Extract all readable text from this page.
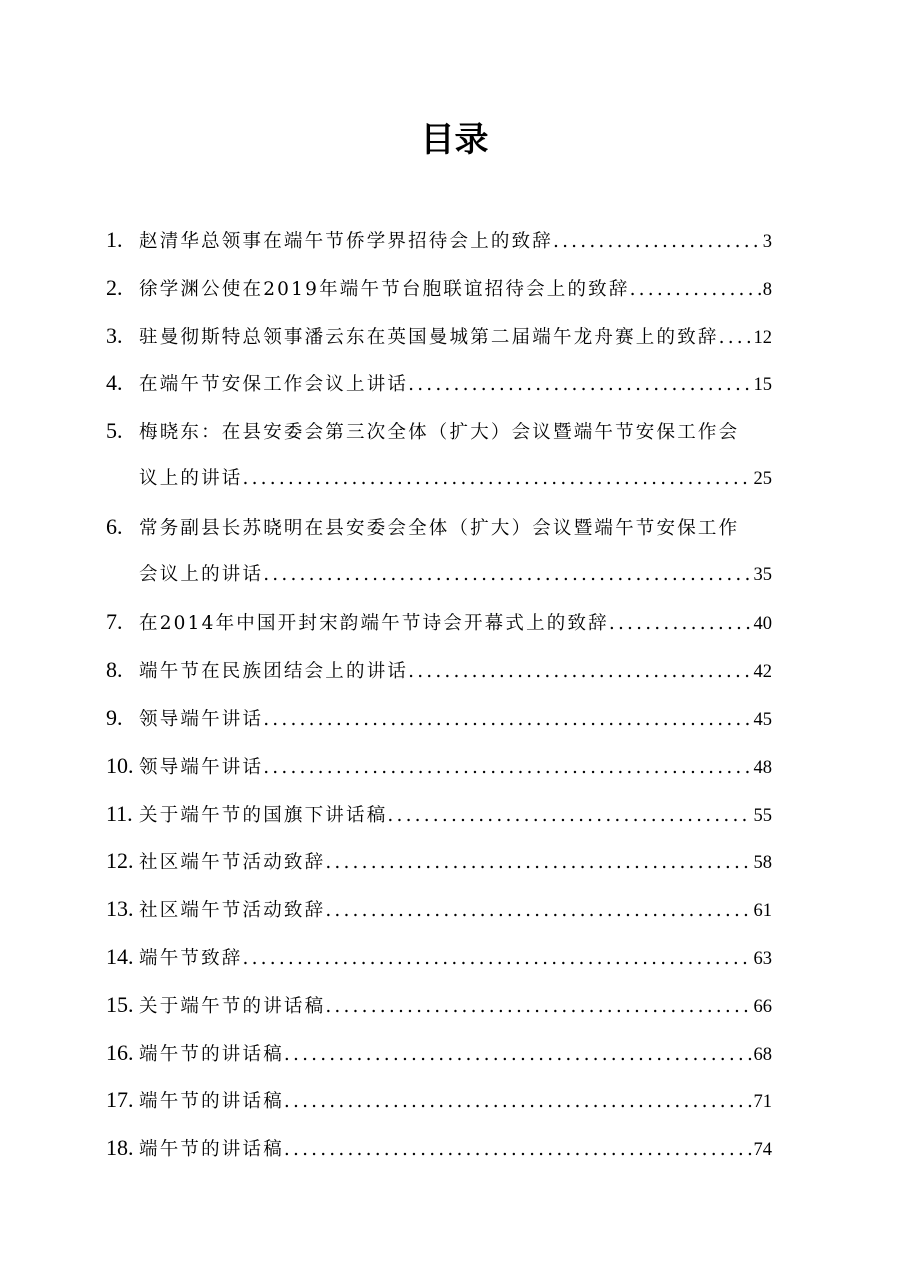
目录
1. 赵清华总领事在端午节侨学界招待会上的致辞 .....	3
2. 徐学渊公使在2019年端午节台胞联谊招待会上的致辞 .....	8
3. 驻曼彻斯特总领事潘云东在英国曼城第二届端午龙舟赛上的致辞 ..... 12
4. 在端午节安保工作会议上讲话 .....	15
5. 梅晓东：在县安委会第三次全体（扩大）会议暨端午节安保工作会
议上的讲话 .....	25
6. 常务副县长苏晓明在县安委会全体（扩大）会议暨端午节安保工作
会议上的讲话 .....	35
7. 在2014年中国开封宋韵端午节诗会开幕式上的致辞 .....	40
8. 端午节在民族团结会上的讲话 .....	42
9. 领导端午讲话 .....	45
10. 领导端午讲话 .....	48
11. 关于端午节的国旗下讲话稿 .....	55
12. 社区端午节活动致辞 .....	58
13. 社区端午节活动致辞 .....	61
14. 端午节致辞 .....	63
15. 关于端午节的讲话稿 .....	66
16. 端午节的讲话稿 .....	68
17. 端午节的讲话稿 .....	71
18. 端午节的讲话稿 .....	74
